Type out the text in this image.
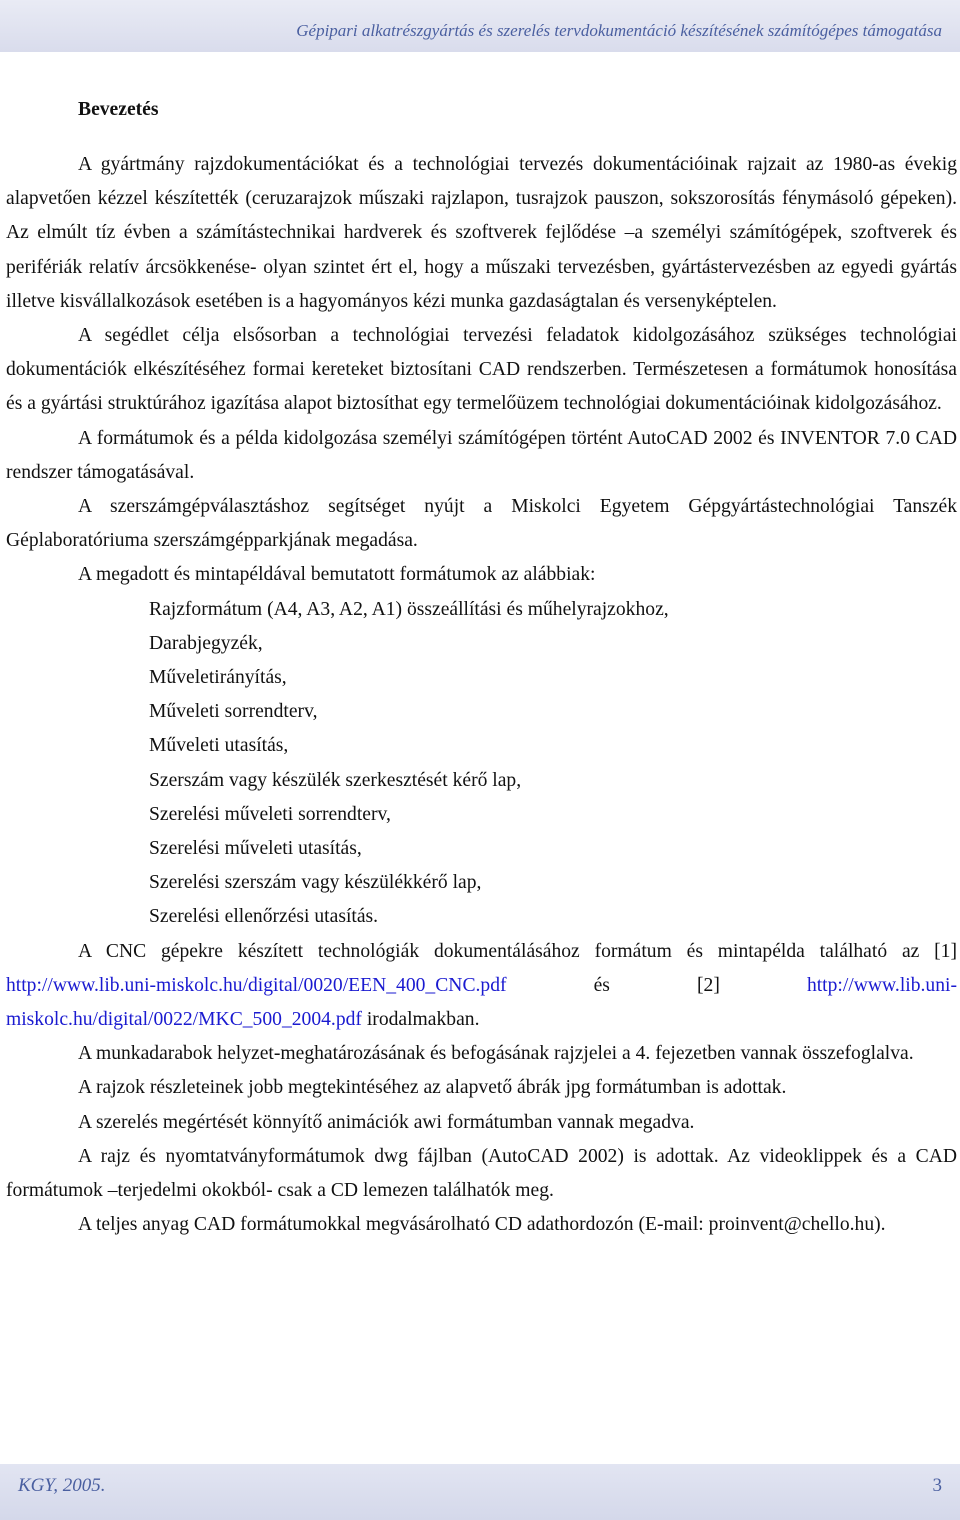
Gépipari alkatrészgyártás és szerelés tervdokumentáció készítésének számítógépes támogatása
Bevezetés

A gyártmány rajzdokumentációkat és a technológiai tervezés dokumentációinak rajzait az 1980-as évekig alapvetően kézzel készítették (ceruzarajzok műszaki rajzlapon, tusrajzok pauszon, sokszorosítás fénymásoló gépeken). Az elmúlt tíz évben a számítástechnikai hardverek és szoftverek fejlődése –a személyi számítógépek, szoftverek és perifériák relatív árcsökkenése- olyan szintet ért el, hogy a műszaki tervezésben, gyártástervezésben az egyedi gyártás illetve kisvállalkozások esetében is a hagyományos kézi munka gazdaságtalan és versenyképtelen.

A segédlet célja elsősorban a technológiai tervezési feladatok kidolgozásához szükséges technológiai dokumentációk elkészítéséhez formai kereteket biztosítani CAD rendszerben. Természetesen a formátumok honosítása és a gyártási struktúrához igazítása alapot biztosíthat egy termelőüzem technológiai dokumentációinak kidolgozásához.

A formátumok és a példa kidolgozása személyi számítógépen történt AutoCAD 2002 és INVENTOR 7.0 CAD rendszer támogatásával.

A szerszámgépválasztáshoz segítséget nyújt a Miskolci Egyetem Gépgyártástechnológiai Tanszék Géplaboratóriuma szerszámgépparkjának megadása.

A megadott és mintapéldával bemutatott formátumok az alábbiak:

Rajzformátum (A4, A3, A2, A1) összeállítási és műhelyrajzokhoz,
Darabjegyzék,
Műveletirányítás,
Műveleti sorrendterv,
Műveleti utasítás,
Szerszám vagy készülék szerkesztését kérő lap,
Szerelési műveleti sorrendterv,
Szerelési műveleti utasítás,
Szerelési szerszám vagy készülékkérő lap,
Szerelési ellenőrzési utasítás.

A CNC gépekre készített technológiák dokumentálásához formátum és mintapélda található az [1] http://www.lib.uni-miskolc.hu/digital/0020/EEN_400_CNC.pdf	és [2]	http://www.lib.uni-miskolc.hu/digital/0022/MKC_500_2004.pdf irodalmakban.

A munkadarabok helyzet-meghatározásának és befogásának rajzjelei a 4. fejezetben vannak összefoglalva.

A rajzok részleteinek jobb megtekintéséhez az alapvető ábrák jpg formátumban is adottak.

A szerelés megértését könnyítő animációk awi formátumban vannak megadva.

A rajz és nyomtatványformátumok dwg fájlban (AutoCAD 2002) is adottak. Az videoklippek és a CAD formátumok –terjedelmi okokból- csak a CD lemezen találhatók meg.

A teljes anyag CAD formátumokkal megvásárolható CD adathordozón (E-mail: proinvent@chello.hu).

KGY, 2005.	3
